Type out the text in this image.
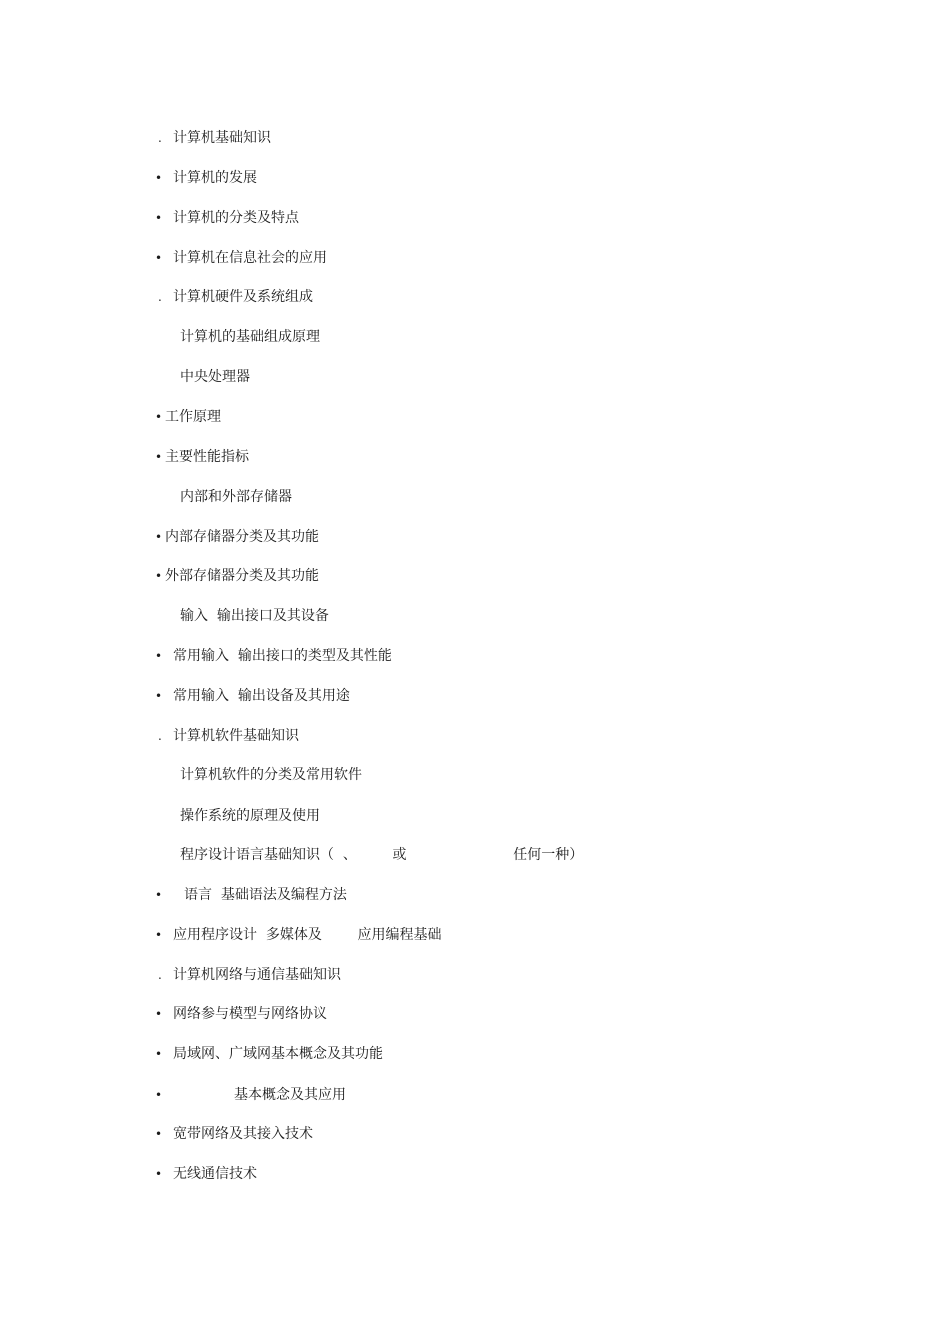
. 计算机基础知识
• 计算机的发展
• 计算机的分类及特点
• 计算机在信息社会的应用
. 计算机硬件及系统组成
计算机的基础组成原理
中央处理器
• 工作原理
• 主要性能指标
内部和外部存储器
• 内部存储器分类及其功能
• 外部存储器分类及其功能
输入  输出接口及其设备
• 常用输入  输出接口的类型及其性能
• 常用输入  输出设备及其用途
. 计算机软件基础知识
计算机软件的分类及常用软件
操作系统的原理及使用
程序设计语言基础知识（  、        或                        任何一种）
• 语言  基础语法及编程方法
• 应用程序设计  多媒体及        应用编程基础
. 计算机网络与通信基础知识
• 网络参与模型与网络协议
• 局域网、广域网基本概念及其功能
•	基本概念及其应用
• 宽带网络及其接入技术
• 无线通信技术
